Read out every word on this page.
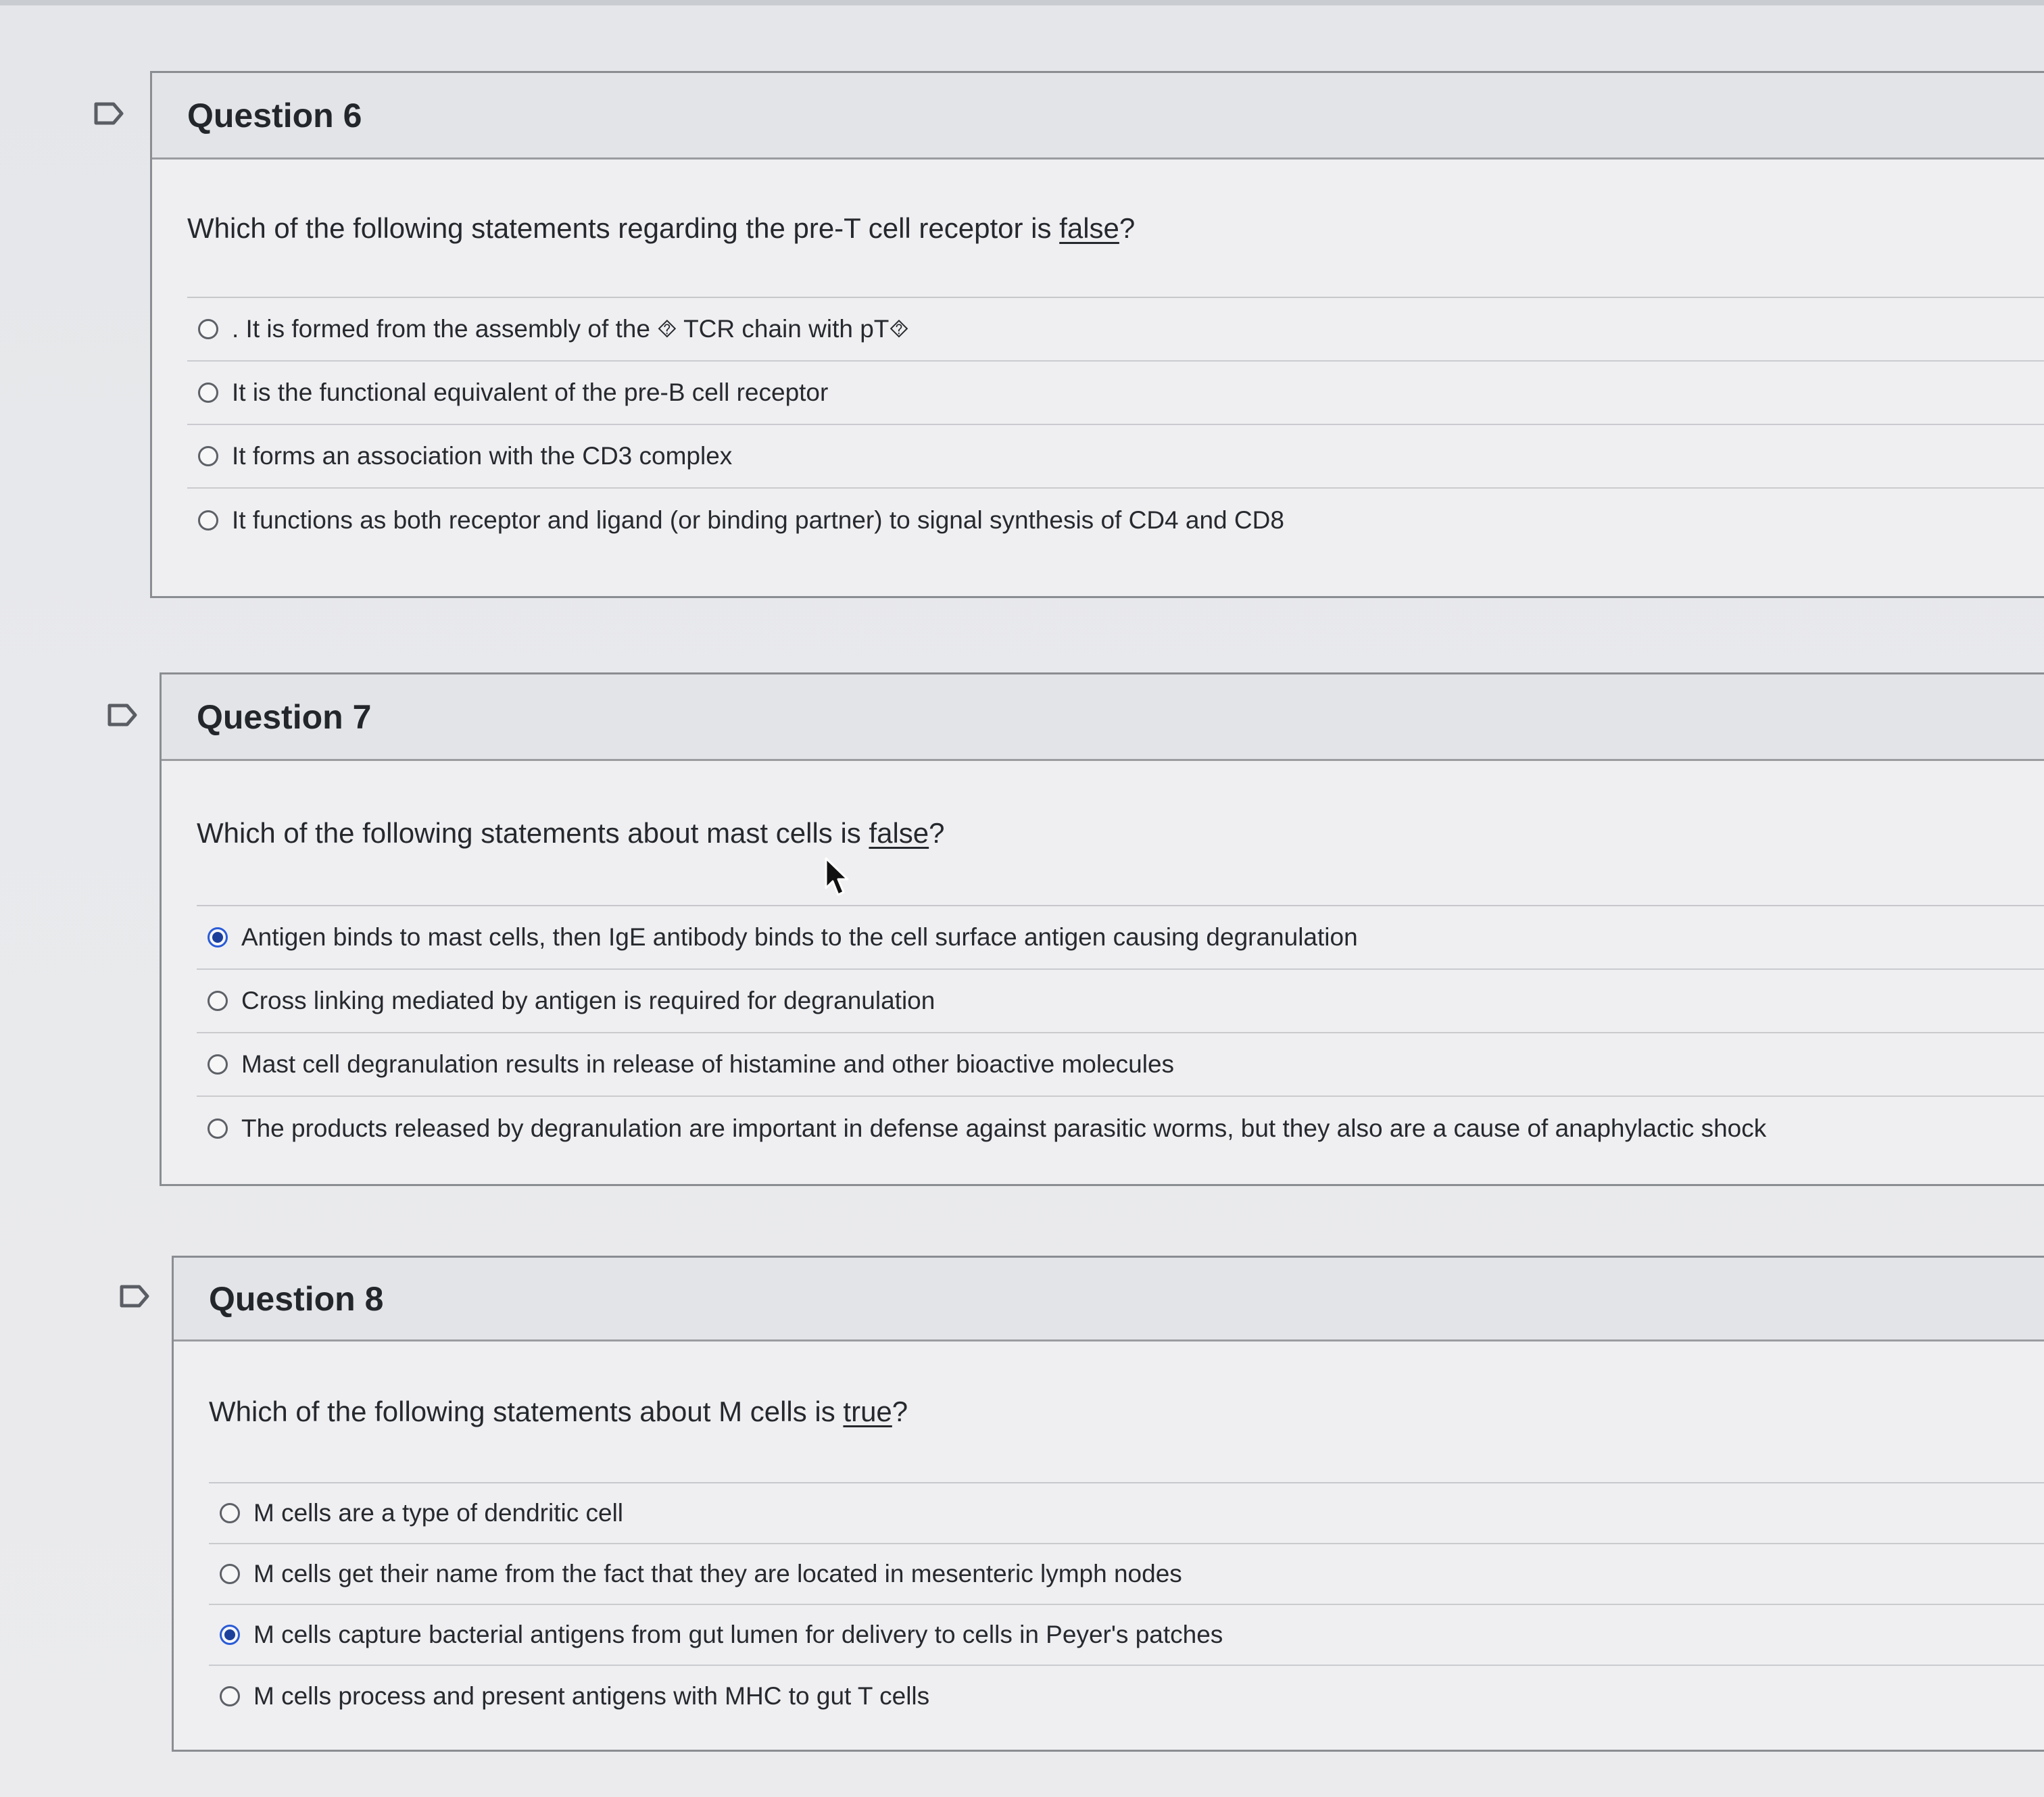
Question 6
Which of the following statements regarding the pre-T cell receptor is
false ?
. It is formed from the assembly of the ⯑ TCR chain with pT⯑
It is the functional equivalent of the pre-B cell receptor
It forms an association with the CD3 complex
It functions as both receptor and ligand (or binding partner) to signal synthesis of CD4 and CD8
Question 7
Which of the following statements about mast cells is
false ?
Antigen binds to mast cells, then IgE antibody binds to the cell surface antigen causing degranulation
Cross linking mediated by antigen is required for degranulation
Mast cell degranulation results in release of histamine and other bioactive molecules
The products released by degranulation are important in defense against parasitic worms, but they also are a cause of anaphylactic shock
Question 8
Which of the following statements about M cells is
true ?
M cells are a type of dendritic cell
M cells get their name from the fact that they are located in mesenteric lymph nodes
M cells capture bacterial antigens from gut lumen for delivery to cells in Peyer's patches
M cells process and present antigens with MHC to gut T cells
